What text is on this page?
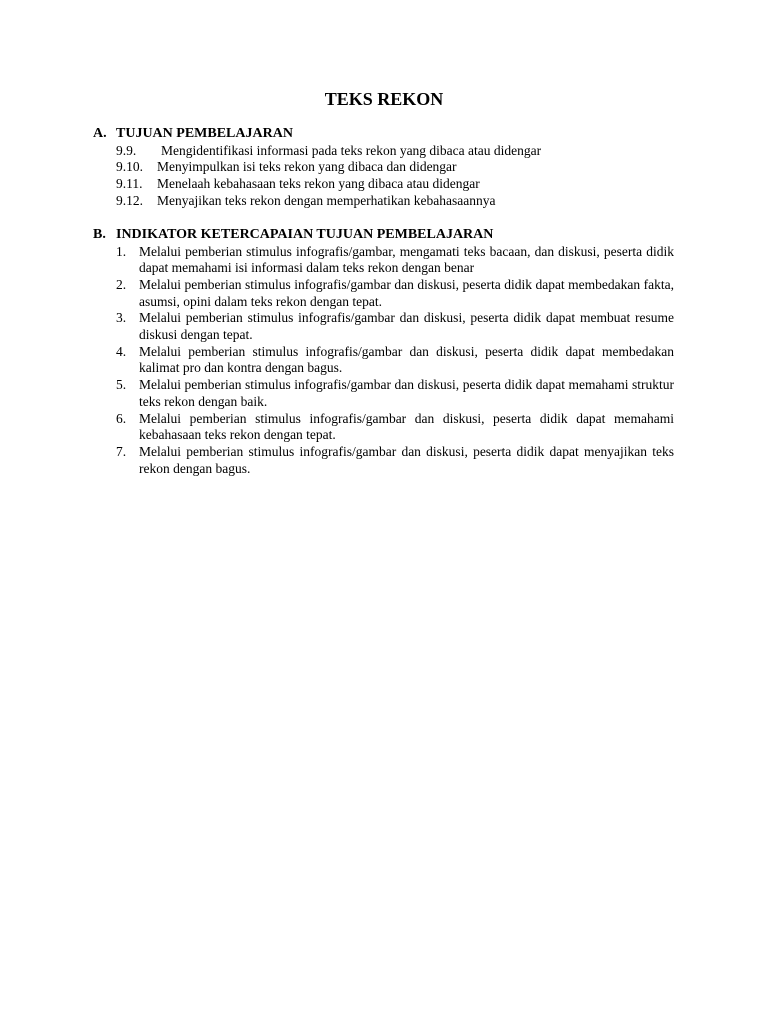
TEKS REKON
A. TUJUAN PEMBELAJARAN
9.9.	Mengidentifikasi informasi pada teks rekon yang dibaca atau didengar
9.10.	Menyimpulkan isi teks rekon yang dibaca dan didengar
9.11.	Menelaah kebahasaan teks rekon yang dibaca atau didengar
9.12.	Menyajikan teks rekon dengan memperhatikan kebahasaannya
B. INDIKATOR KETERCAPAIAN TUJUAN PEMBELAJARAN
1. Melalui pemberian stimulus infografis/gambar, mengamati teks bacaan, dan diskusi, peserta didik dapat memahami isi informasi dalam teks rekon dengan benar
2. Melalui pemberian stimulus infografis/gambar dan diskusi, peserta didik dapat membedakan fakta, asumsi, opini dalam teks rekon dengan tepat.
3. Melalui pemberian stimulus infografis/gambar dan diskusi, peserta didik dapat membuat resume diskusi dengan tepat.
4. Melalui pemberian stimulus infografis/gambar dan diskusi, peserta didik dapat membedakan kalimat pro dan kontra dengan bagus.
5. Melalui pemberian stimulus infografis/gambar dan diskusi, peserta didik dapat memahami struktur teks rekon dengan baik.
6. Melalui pemberian stimulus infografis/gambar dan diskusi, peserta didik dapat memahami kebahasaan teks rekon dengan tepat.
7. Melalui pemberian stimulus infografis/gambar dan diskusi, peserta didik dapat menyajikan teks rekon dengan bagus.
